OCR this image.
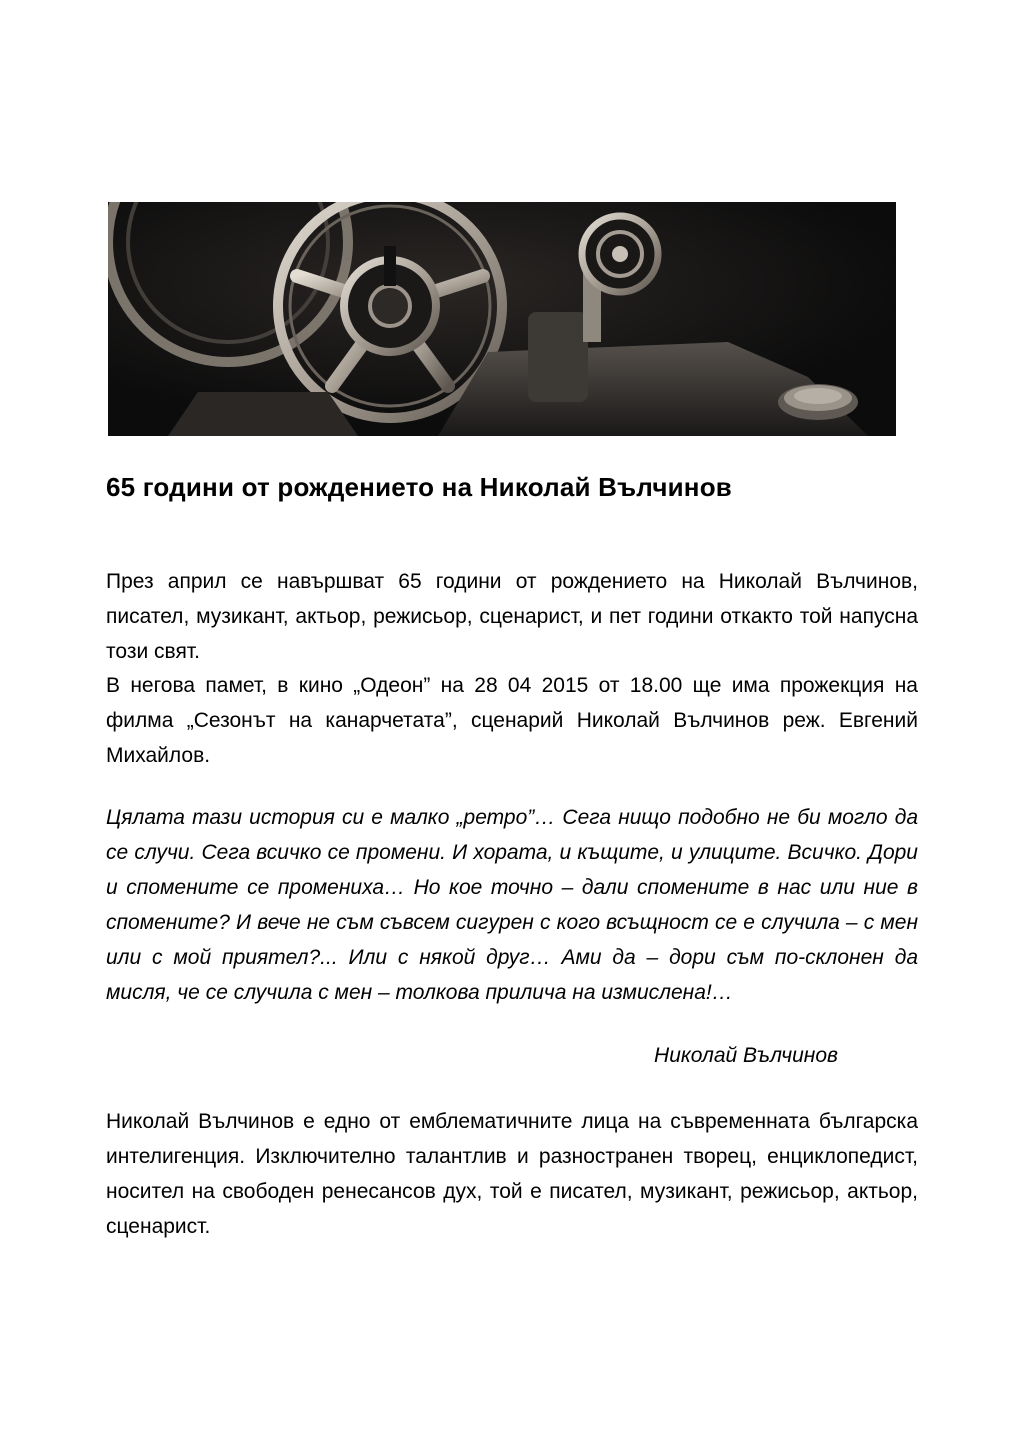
65 години от рождението на Николай Вълчинов

През април се навършват 65 години от рождението на Николай Вълчинов, писател, музикант, актьор, режисьор, сценарист, и пет години откакто той напусна този свят.

В негова памет, в кино „Одеон” на 28 04 2015 от 18.00 ще има прожекция на филма „Сезонът на канарчетата”, сценарий Николай Вълчинов реж. Евгений Михайлов.

Цялата тази история си е малко „ретро”… Сега нищо подобно не би могло да се случи. Сега всичко се промени. И хората, и къщите, и улиците. Всичко. Дори и спомените се промениха… Но кое точно – дали спомените в нас или ние в спомените? И вече не съм съвсем сигурен с кого всъщност се е случила – с мен или с мой приятел?... Или с някой друг… Ами да – дори съм по-склонен да мисля, че се случила с мен – толкова прилича на измислена!…

Николай Вълчинов

Николай Вълчинов е едно от емблематичните лица на съвременната българска интелигенция. Изключително талантлив и разностранен творец, енциклопедист, носител на свободен ренесансов дух, той е писател, музикант, режисьор, актьор, сценарист.
